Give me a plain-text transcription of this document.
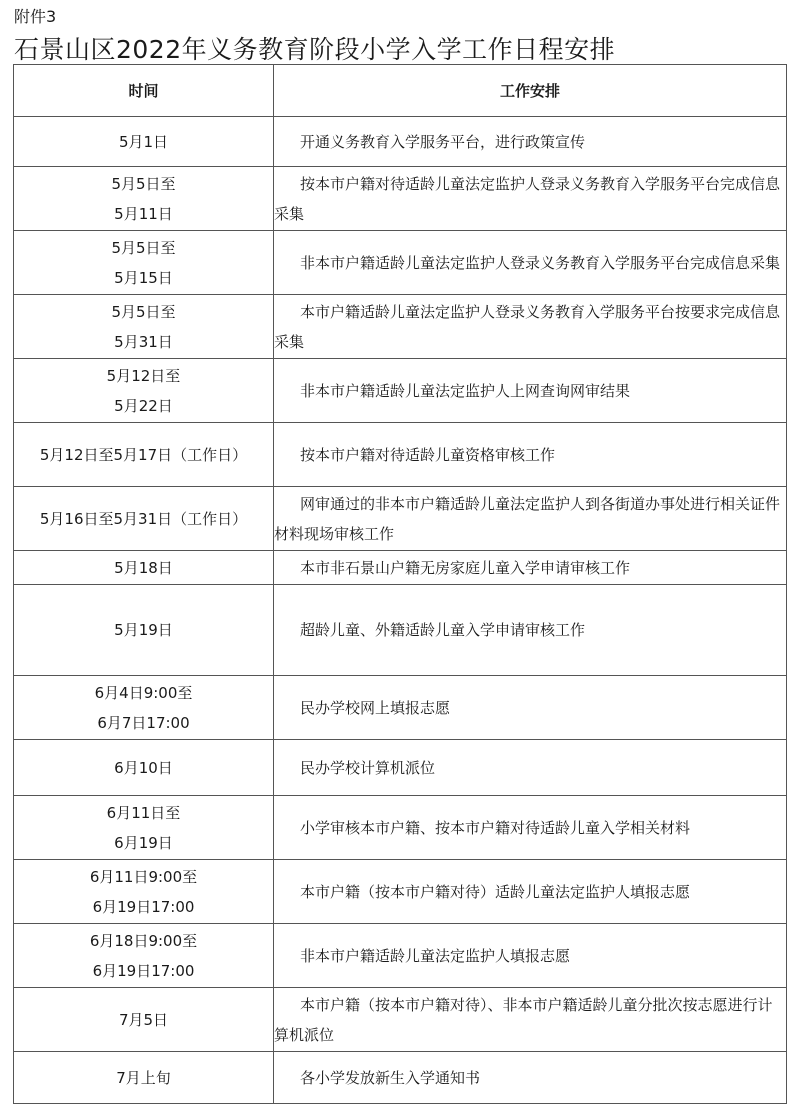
附件3
石景山区2022年义务教育阶段小学入学工作日程安排
时间	工作安排

5月1日	开通义务教育入学服务平台，进行政策宣传

5月5日至
5月11日	按本市户籍对待适龄儿童法定监护人登录义务教育入学服务平台完成信息采集

5月5日至
5月15日	非本市户籍适龄儿童法定监护人登录义务教育入学服务平台完成信息采集

5月5日至
5月31日	本市户籍适龄儿童法定监护人登录义务教育入学服务平台按要求完成信息采集

5月12日至
5月22日	非本市户籍适龄儿童法定监护人上网查询网审结果

5月12日至5月17日（工作日）	按本市户籍对待适龄儿童资格审核工作

5月16日至5月31日（工作日）	网审通过的非本市户籍适龄儿童法定监护人到各街道办事处进行相关证件材料现场审核工作

5月18日	本市非石景山户籍无房家庭儿童入学申请审核工作

5月19日	超龄儿童、外籍适龄儿童入学申请审核工作

6月4日9:00至
6月7日17:00	民办学校网上填报志愿

6月10日	民办学校计算机派位

6月11日至
6月19日	小学审核本市户籍、按本市户籍对待适龄儿童入学相关材料

6月11日9:00至
6月19日17:00	本市户籍（按本市户籍对待）适龄儿童法定监护人填报志愿

6月18日9:00至
6月19日17:00	非本市户籍适龄儿童法定监护人填报志愿

7月5日	本市户籍（按本市户籍对待）、非本市户籍适龄儿童分批次按志愿进行计算机派位

7月上旬	各小学发放新生入学通知书
